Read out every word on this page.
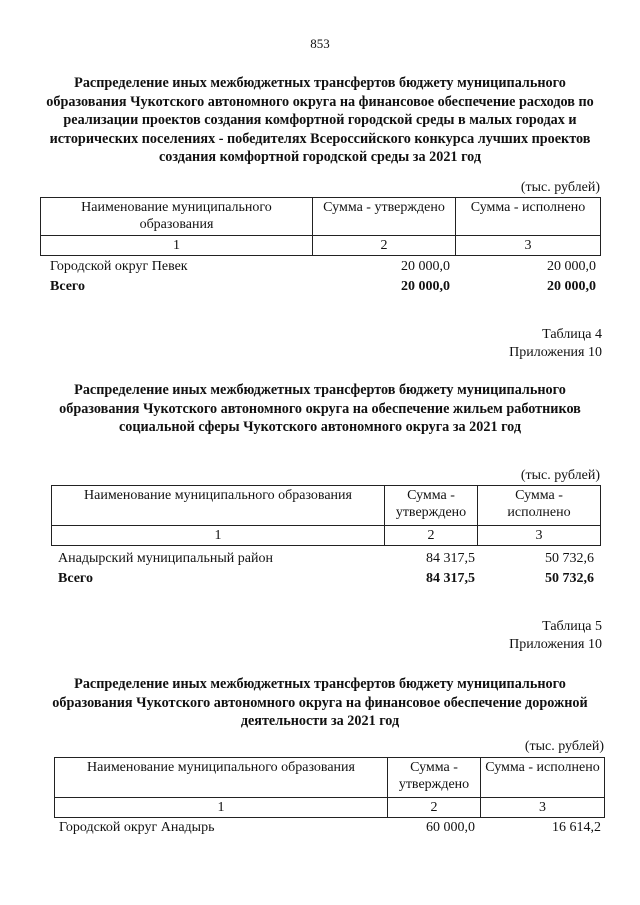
853
Распределение иных межбюджетных трансфертов бюджету муниципального образования Чукотского автономного округа на финансовое обеспечение расходов по реализации проектов создания комфортной городской среды в малых городах и исторических поселениях - победителях Всероссийского конкурса лучших проектов создания комфортной городской среды за 2021 год
(тыс. рублей)
Наименование муниципального образования	Сумма - утверждено	Сумма - исполнено
1	2	3
Городской округ Певек	20 000,0	20 000,0
Всего	20 000,0	20 000,0
Таблица 4
Приложения 10
Распределение иных межбюджетных трансфертов бюджету муниципального образования Чукотского автономного округа на обеспечение жильем работников социальной сферы Чукотского автономного округа за 2021 год
(тыс. рублей)
Наименование муниципального образования	Сумма - утверждено	Сумма - исполнено
1	2	3
Анадырский муниципальный район	84 317,5	50 732,6
Всего	84 317,5	50 732,6
Таблица 5
Приложения 10
Распределение иных межбюджетных трансфертов бюджету муниципального образования Чукотского автономного округа на финансовое обеспечение дорожной деятельности за 2021 год
(тыс. рублей)
Наименование муниципального образования	Сумма - утверждено	Сумма - исполнено
1	2	3
Городской округ Анадырь	60 000,0	16 614,2
